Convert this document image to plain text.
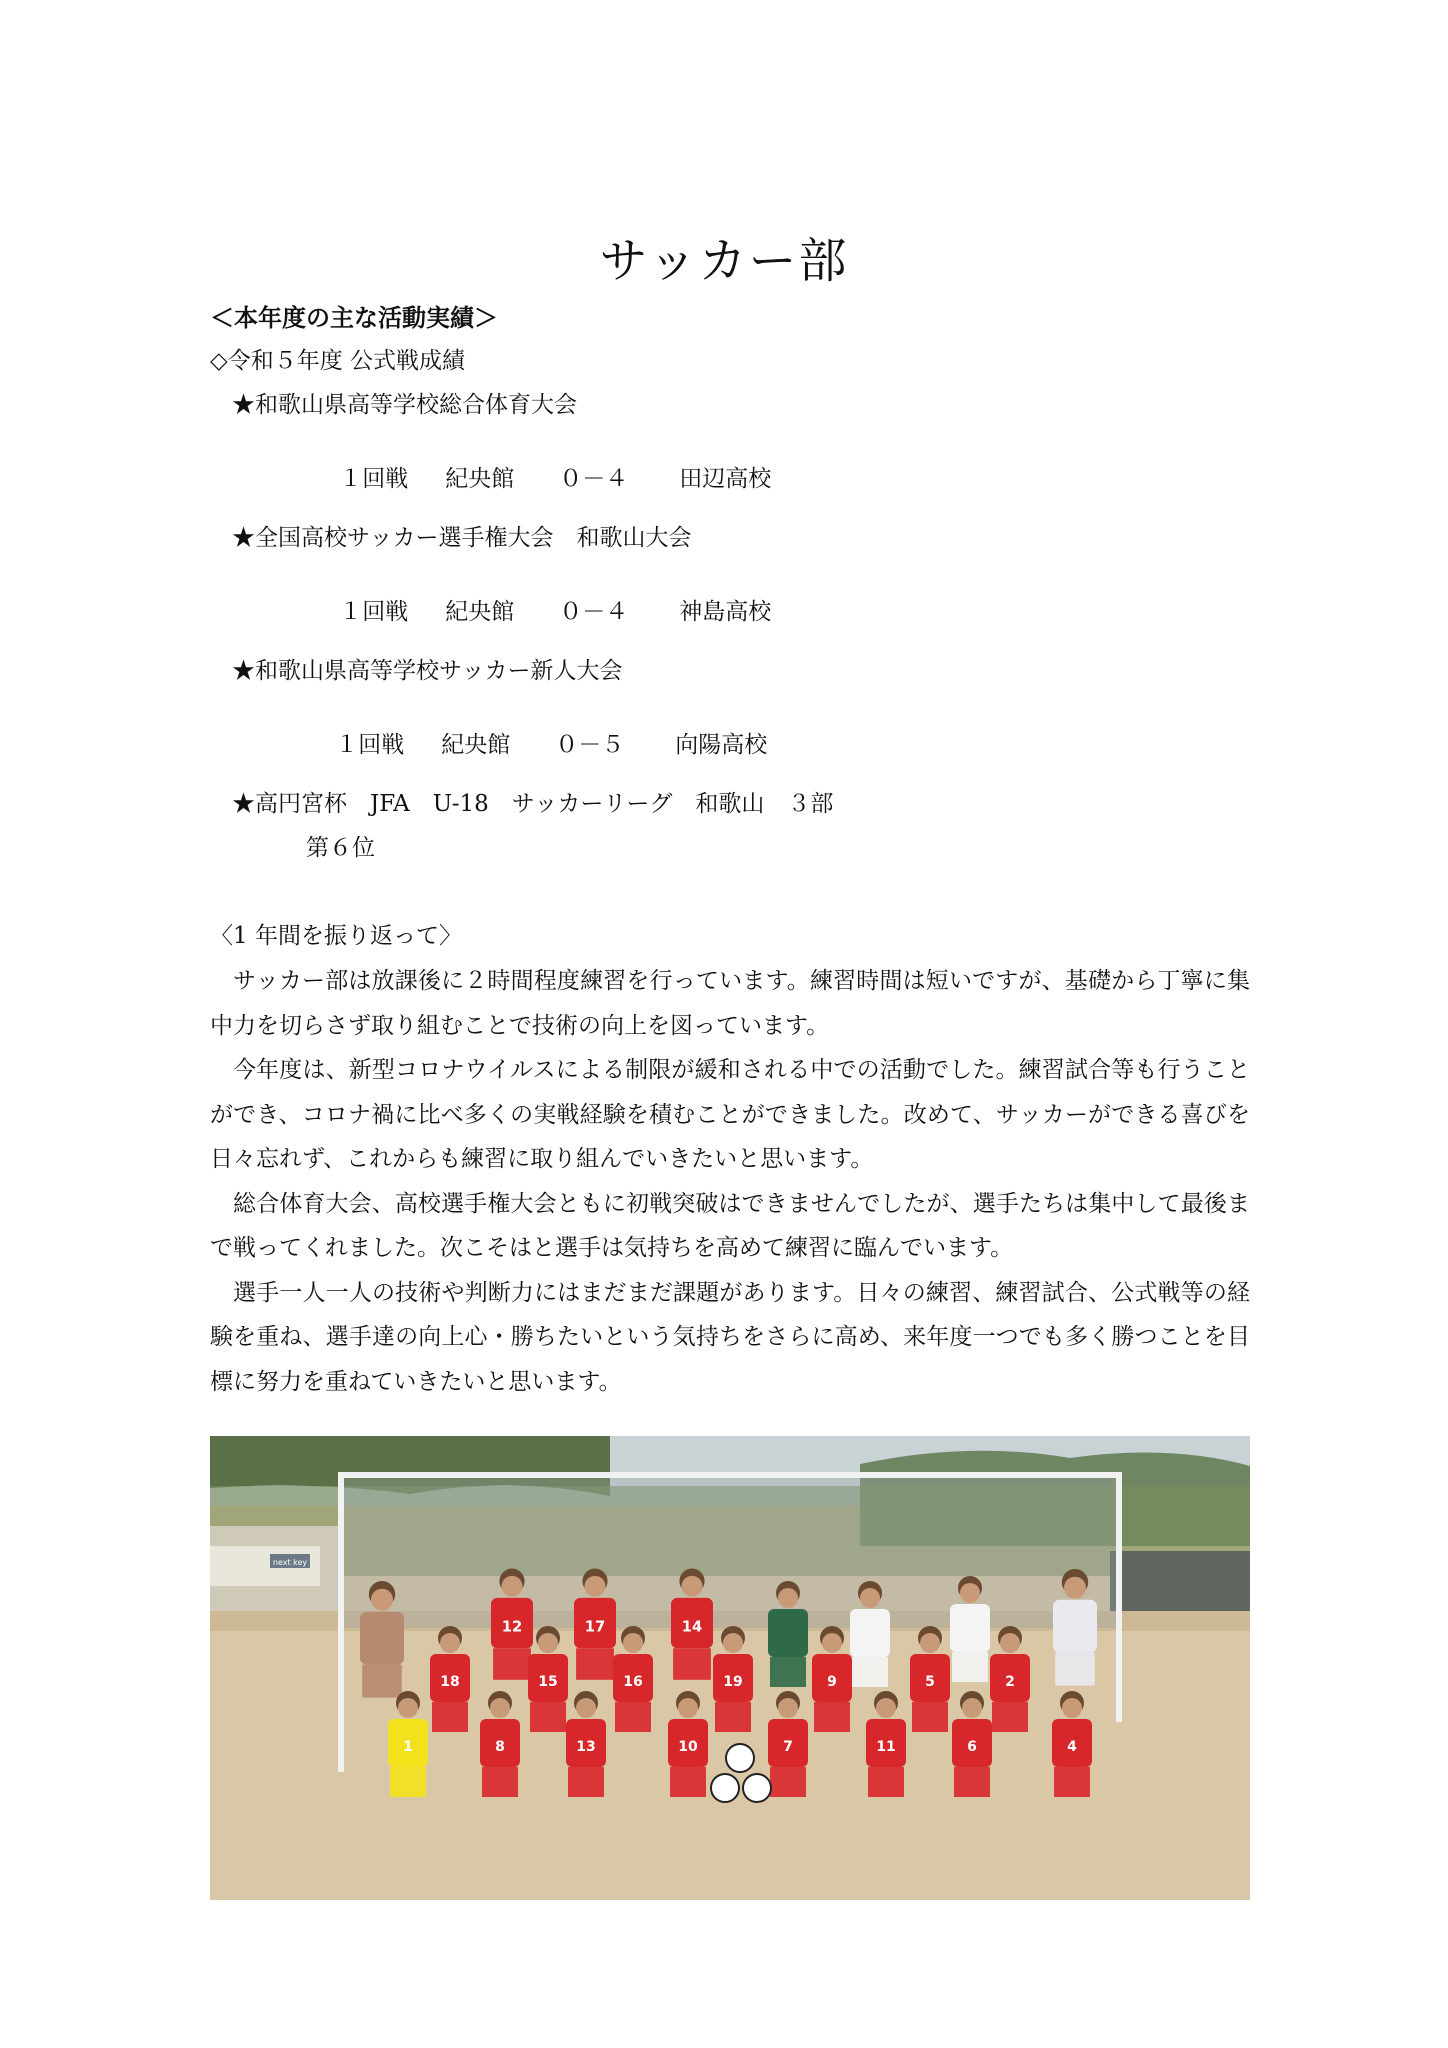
サッカー部
＜本年度の主な活動実績＞
◇令和５年度 公式戦成績
★和歌山県高等学校総合体育大会

１回戦 紀央館 ０－４ 田辺高校

★全国高校サッカー選手権大会　和歌山大会

１回戦 紀央館 ０－４ 神島高校

★和歌山県高等学校サッカー新人大会

１回戦 紀央館 ０－５ 向陽高校

★高円宮杯　JFA　U-18　サッカーリーグ　和歌山　３部
第６位
〈1 年間を振り返って〉

サッカー部は放課後に２時間程度練習を行っています。練習時間は短いですが、基礎から丁寧に集中力を切らさず取り組むことで技術の向上を図っています。

今年度は、新型コロナウイルスによる制限が緩和される中での活動でした。練習試合等も行うことができ、コロナ禍に比べ多くの実戦経験を積むことができました。改めて、サッカーができる喜びを日々忘れず、これからも練習に取り組んでいきたいと思います。

総合体育大会、高校選手権大会ともに初戦突破はできませんでしたが、選手たちは集中して最後まで戦ってくれました。次こそはと選手は気持ちを高めて練習に臨んでいます。

選手一人一人の技術や判断力にはまだまだ課題があります。日々の練習、練習試合、公式戦等の経験を重ね、選手達の向上心・勝ちたいという気持ちをさらに高め、来年度一つでも多く勝つことを目標に努力を重ねていきたいと思います。

next key
12	17	14
18	15	16	19	9	5	2
1	8	13	10	7	11	6	4
